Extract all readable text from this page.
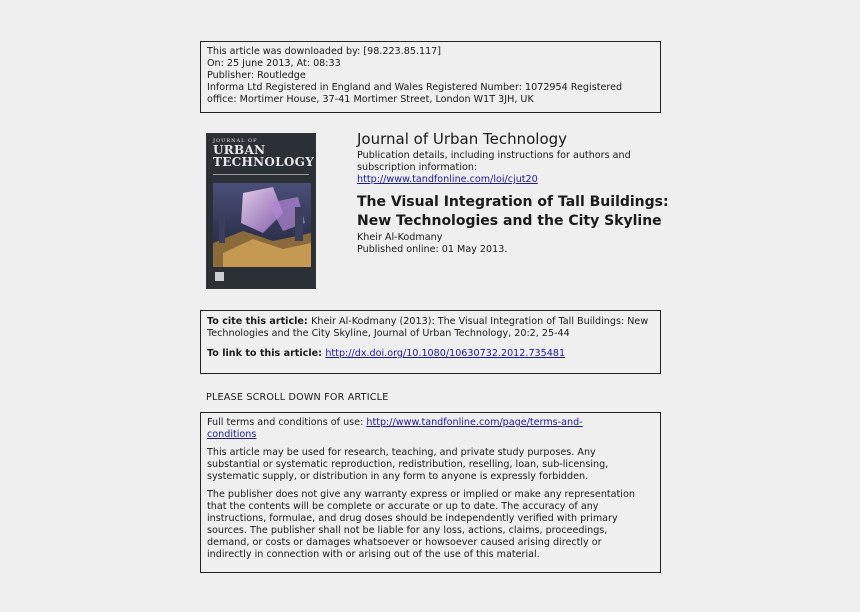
This article was downloaded by: [98.223.85.117]
On: 25 June 2013, At: 08:33
Publisher: Routledge
Informa Ltd Registered in England and Wales Registered Number: 1072954 Registered
office: Mortimer House, 37-41 Mortimer Street, London W1T 3JH, UK
JOURNAL OF
URBAN
TECHNOLOGY
Journal of Urban Technology
Publication details, including instructions for authors and
subscription information:
http://www.tandfonline.com/loi/cjut20
The Visual Integration of Tall Buildings:
New Technologies and the City Skyline
Kheir Al-Kodmany
Published online: 01 May 2013.
To cite this article: Kheir Al-Kodmany (2013): The Visual Integration of Tall Buildings: New
Technologies and the City Skyline, Journal of Urban Technology, 20:2, 25-44
To link to this article: http://dx.doi.org/10.1080/10630732.2012.735481
PLEASE SCROLL DOWN FOR ARTICLE

Full terms and conditions of use: http://www.tandfonline.com/page/terms-and-
conditions

This article may be used for research, teaching, and private study purposes. Any
substantial or systematic reproduction, redistribution, reselling, loan, sub-licensing,
systematic supply, or distribution in any form to anyone is expressly forbidden.

The publisher does not give any warranty express or implied or make any representation
that the contents will be complete or accurate or up to date. The accuracy of any
instructions, formulae, and drug doses should be independently verified with primary
sources. The publisher shall not be liable for any loss, actions, claims, proceedings,
demand, or costs or damages whatsoever or howsoever caused arising directly or
indirectly in connection with or arising out of the use of this material.
